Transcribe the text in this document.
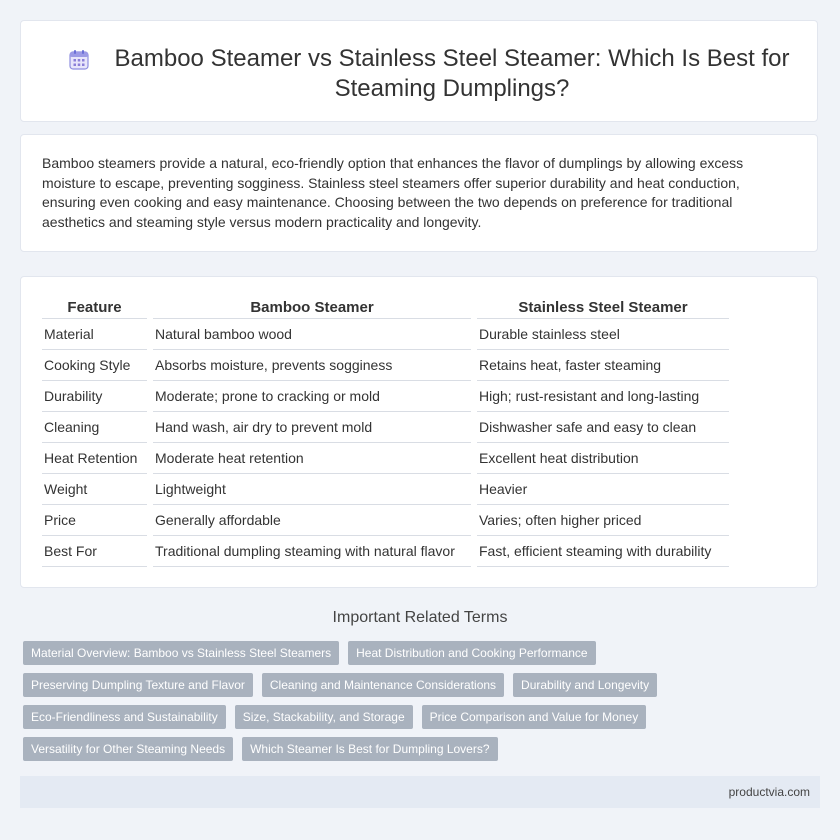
Bamboo Steamer vs Stainless Steel Steamer: Which Is Best for Steaming Dumplings?
Bamboo steamers provide a natural, eco-friendly option that enhances the flavor of dumplings by allowing excess moisture to escape, preventing sogginess. Stainless steel steamers offer superior durability and heat conduction, ensuring even cooking and easy maintenance. Choosing between the two depends on preference for traditional aesthetics and steaming style versus modern practicality and longevity.
Feature	Bamboo Steamer	Stainless Steel Steamer
Material	Natural bamboo wood	Durable stainless steel
Cooking Style	Absorbs moisture, prevents sogginess	Retains heat, faster steaming
Durability	Moderate; prone to cracking or mold	High; rust-resistant and long-lasting
Cleaning	Hand wash, air dry to prevent mold	Dishwasher safe and easy to clean
Heat Retention	Moderate heat retention	Excellent heat distribution
Weight	Lightweight	Heavier
Price	Generally affordable	Varies; often higher priced
Best For	Traditional dumpling steaming with natural flavor	Fast, efficient steaming with durability
Important Related Terms
Material Overview: Bamboo vs Stainless Steel Steamers	Heat Distribution and Cooking Performance
Preserving Dumpling Texture and Flavor	Cleaning and Maintenance Considerations	Durability and Longevity
Eco-Friendliness and Sustainability	Size, Stackability, and Storage	Price Comparison and Value for Money
Versatility for Other Steaming Needs	Which Steamer Is Best for Dumpling Lovers?
productvia.com
